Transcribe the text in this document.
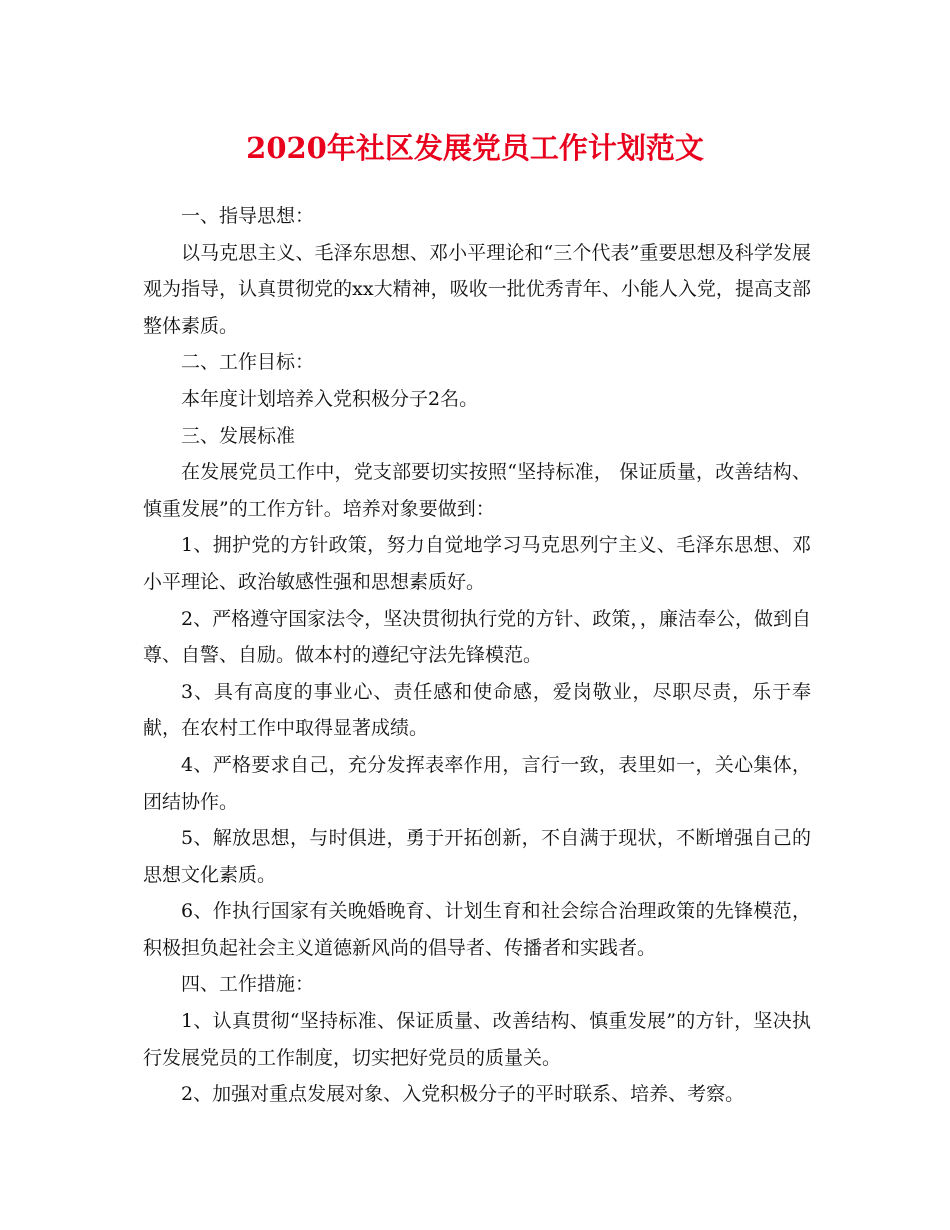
2020年社区发展党员工作计划范文

一、指导思想：

以马克思主义、毛泽东思想、邓小平理论和“三个代表”重要思想及科学发展观为指导，认真贯彻党的xx大精神，吸收一批优秀青年、小能人入党，提高支部整体素质。

二、工作目标：

本年度计划培养入党积极分子2名。

三、发展标准

在发展党员工作中，党支部要切实按照“坚持标准， 保证质量，改善结构、慎重发展”的工作方针。培养对象要做到：

1、拥护党的方针政策，努力自觉地学习马克思列宁主义、毛泽东思想、邓小平理论、政治敏感性强和思想素质好。

2、严格遵守国家法令，坚决贯彻执行党的方针、政策，，廉洁奉公，做到自尊、自警、自励。做本村的遵纪守法先锋模范。

3、具有高度的事业心、责任感和使命感，爱岗敬业，尽职尽责，乐于奉献，在农村工作中取得显著成绩。

4、严格要求自己，充分发挥表率作用，言行一致，表里如一，关心集体，团结协作。

5、解放思想，与时俱进，勇于开拓创新，不自满于现状，不断增强自己的思想文化素质。

6、作执行国家有关晚婚晚育、计划生育和社会综合治理政策的先锋模范，积极担负起社会主义道德新风尚的倡导者、传播者和实践者。

四、工作措施：

1、认真贯彻“坚持标准、保证质量、改善结构、慎重发展”的方针，坚决执行发展党员的工作制度，切实把好党员的质量关。

2、加强对重点发展对象、入党积极分子的平时联系、培养、考察。
